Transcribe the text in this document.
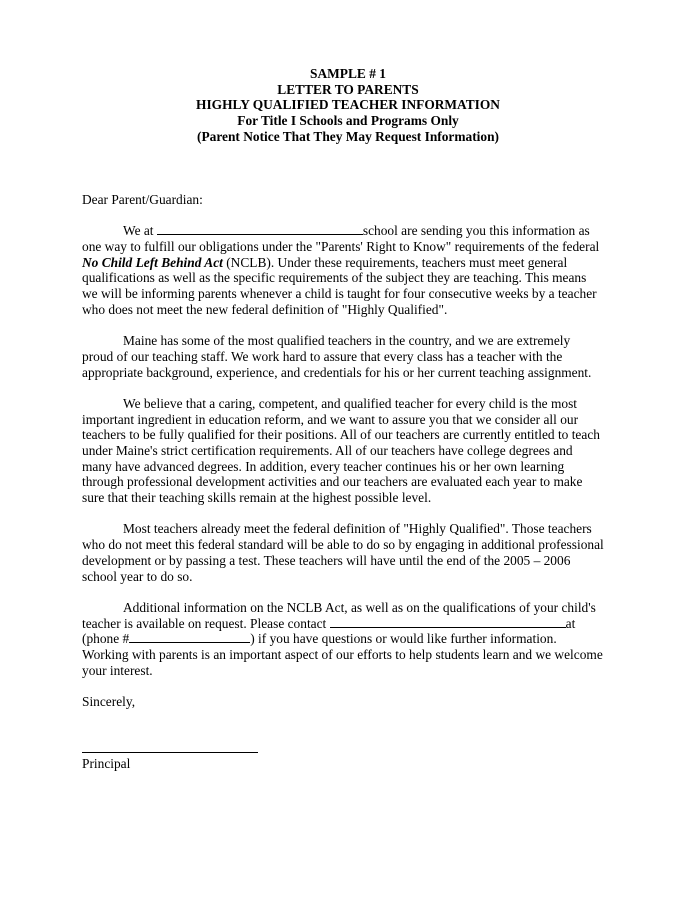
SAMPLE # 1
LETTER TO PARENTS
HIGHLY QUALIFIED TEACHER INFORMATION
For Title I Schools and Programs Only
(Parent Notice That They May Request Information)
Dear Parent/Guardian:
We at	school are sending you this information as
one way to fulfill our obligations under the "Parents' Right to Know" requirements of the federal
No Child Left Behind Act (NCLB). Under these requirements, teachers must meet general
qualifications as well as the specific requirements of the subject they are teaching. This means
we will be informing parents whenever a child is taught for four consecutive weeks by a teacher
who does not meet the new federal definition of "Highly Qualified".
Maine has some of the most qualified teachers in the country, and we are extremely
proud of our teaching staff. We work hard to assure that every class has a teacher with the
appropriate background, experience, and credentials for his or her current teaching assignment.
We believe that a caring, competent, and qualified teacher for every child is the most
important ingredient in education reform, and we want to assure you that we consider all our
teachers to be fully qualified for their positions. All of our teachers are currently entitled to teach
under Maine's strict certification requirements. All of our teachers have college degrees and
many have advanced degrees. In addition, every teacher continues his or her own learning
through professional development activities and our teachers are evaluated each year to make
sure that their teaching skills remain at the highest possible level.
Most teachers already meet the federal definition of "Highly Qualified". Those teachers
who do not meet this federal standard will be able to do so by engaging in additional professional
development or by passing a test. These teachers will have until the end of the 2005 – 2006
school year to do so.
Additional information on the NCLB Act, as well as on the qualifications of your child's
teacher is available on request. Please contact	at
(phone #	) if you have questions or would like further information.
Working with parents is an important aspect of our efforts to help students learn and we welcome
your interest.
Sincerely,
Principal
